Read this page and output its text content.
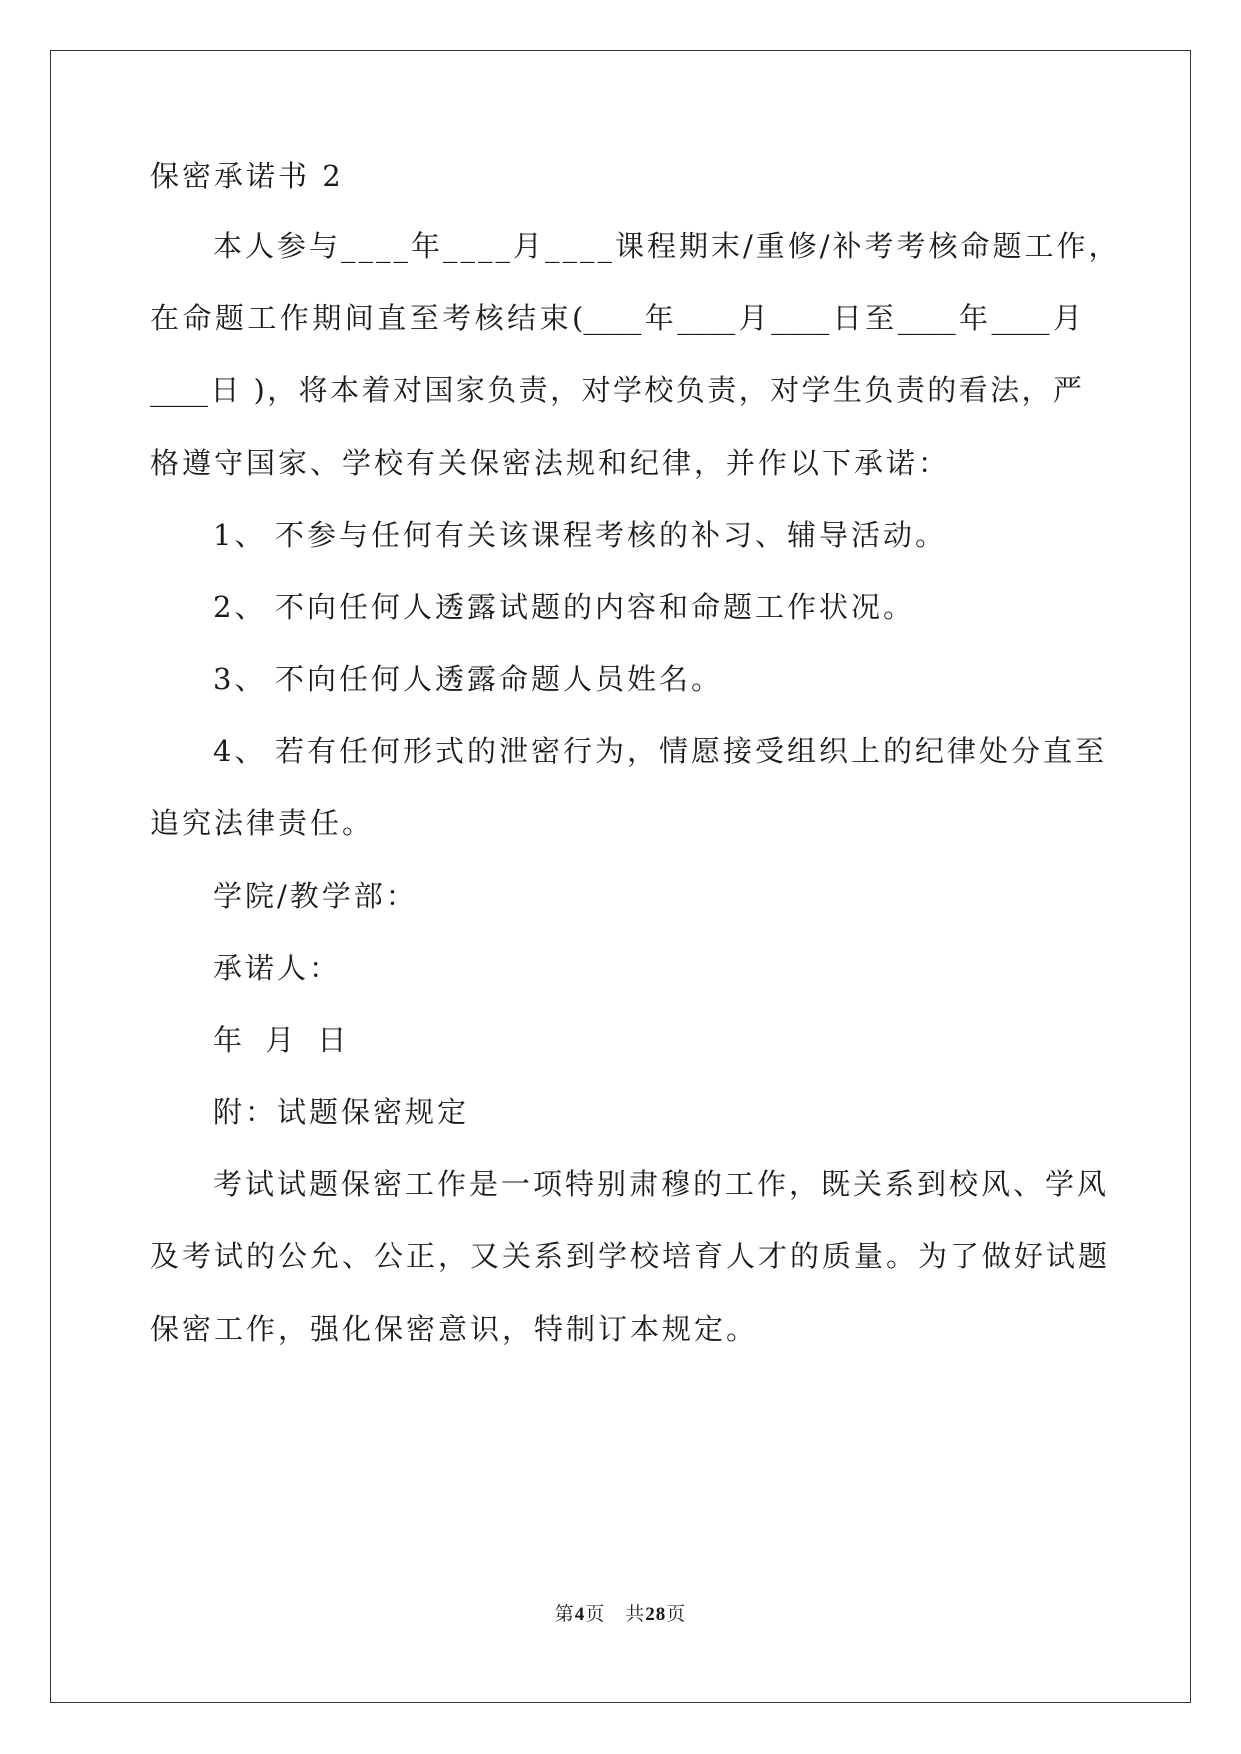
保密承诺书 2
本人参与____年____月____课程期末/重修/补考考核命题工作，
在命题工作期间直至考核结束(____年____月____日至____年____月
____日 )，将本着对国家负责，对学校负责，对学生负责的看法，严
格遵守国家、学校有关保密法规和纪律，并作以下承诺：
1、 不参与任何有关该课程考核的补习、辅导活动。
2、 不向任何人透露试题的内容和命题工作状况。
3、 不向任何人透露命题人员姓名。
4、 若有任何形式的泄密行为，情愿接受组织上的纪律处分直至
追究法律责任。
学院/教学部：
承诺人：
年 月 日
附：试题保密规定
考试试题保密工作是一项特别肃穆的工作，既关系到校风、学风
及考试的公允、公正，又关系到学校培育人才的质量。为了做好试题
保密工作，强化保密意识，特制订本规定。
第4页　共28页
